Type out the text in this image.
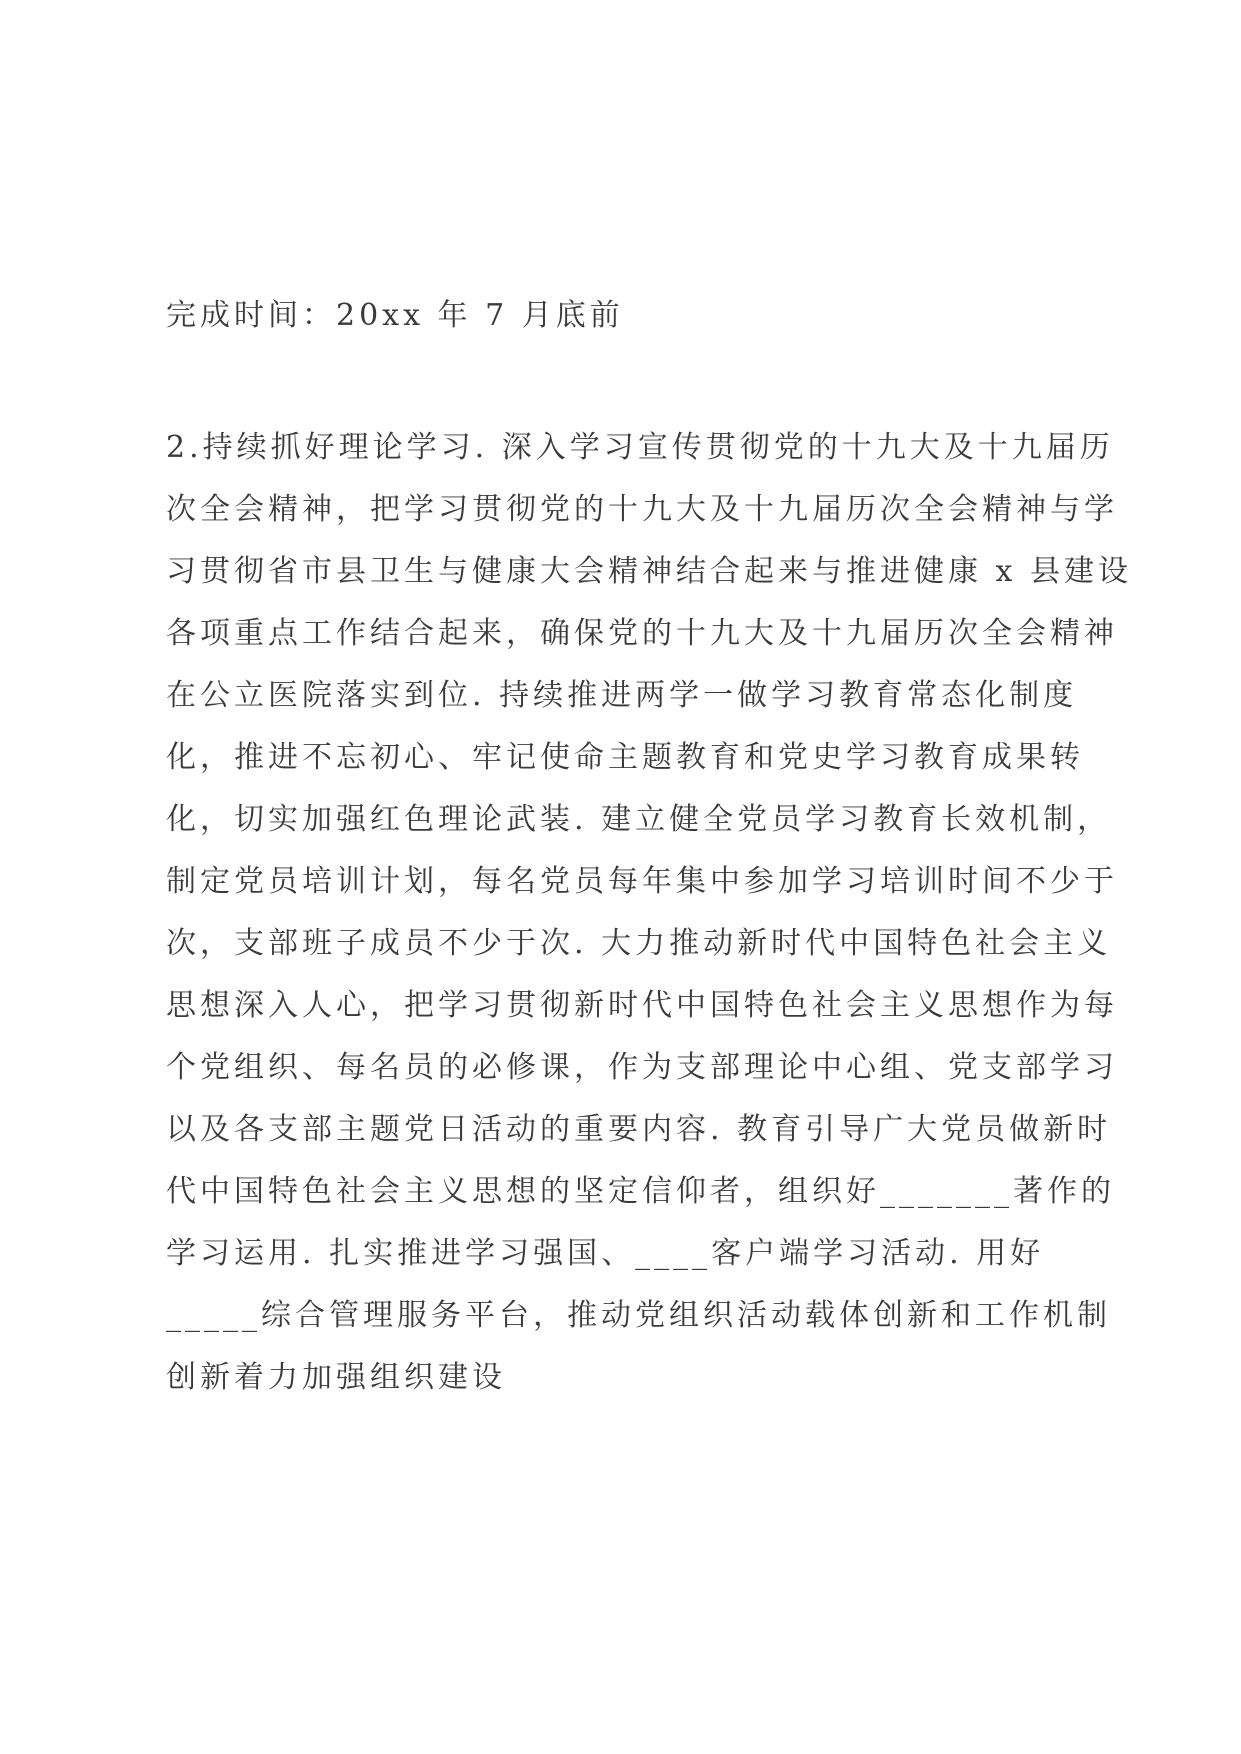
完成时间：20xx 年 7 月底前
2.持续抓好理论学习. 深入学习宣传贯彻党的十九大及十九届历
次全会精神，把学习贯彻党的十九大及十九届历次全会精神与学
习贯彻省市县卫生与健康大会精神结合起来与推进健康 x 县建设
各项重点工作结合起来，确保党的十九大及十九届历次全会精神
在公立医院落实到位. 持续推进两学一做学习教育常态化制度
化，推进不忘初心、牢记使命主题教育和党史学习教育成果转
化，切实加强红色理论武装. 建立健全党员学习教育长效机制，
制定党员培训计划，每名党员每年集中参加学习培训时间不少于
次，支部班子成员不少于次. 大力推动新时代中国特色社会主义
思想深入人心，把学习贯彻新时代中国特色社会主义思想作为每
个党组织、每名员的必修课，作为支部理论中心组、党支部学习
以及各支部主题党日活动的重要内容. 教育引导广大党员做新时
代中国特色社会主义思想的坚定信仰者，组织好_______著作的
学习运用. 扎实推进学习强国、____客户端学习活动. 用好
_____综合管理服务平台，推动党组织活动载体创新和工作机制
创新着力加强组织建设
